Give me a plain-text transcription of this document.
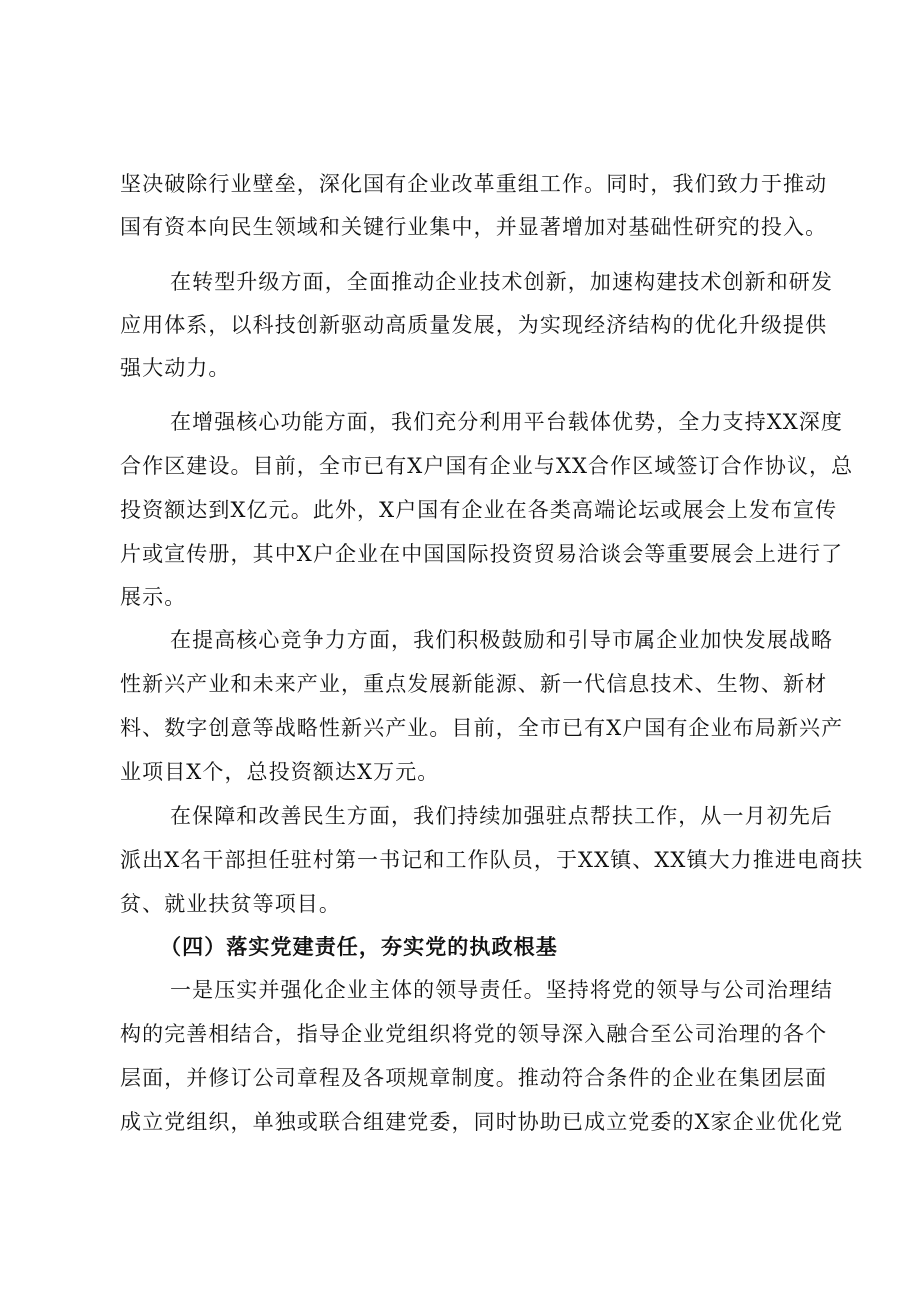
坚决破除行业壁垒，深化国有企业改革重组工作。同时，我们致力于推动
国有资本向民生领域和关键行业集中，并显著增加对基础性研究的投入。
在转型升级方面，全面推动企业技术创新，加速构建技术创新和研发
应用体系，以科技创新驱动高质量发展，为实现经济结构的优化升级提供
强大动力。
在增强核心功能方面，我们充分利用平台载体优势，全力支持XX深度
合作区建设。目前，全市已有X户国有企业与XX合作区域签订合作协议，总
投资额达到X亿元。此外，X户国有企业在各类高端论坛或展会上发布宣传
片或宣传册，其中X户企业在中国国际投资贸易洽谈会等重要展会上进行了
展示。
在提高核心竞争力方面，我们积极鼓励和引导市属企业加快发展战略
性新兴产业和未来产业，重点发展新能源、新一代信息技术、生物、新材
料、数字创意等战略性新兴产业。目前，全市已有X户国有企业布局新兴产
业项目X个，总投资额达X万元。
在保障和改善民生方面，我们持续加强驻点帮扶工作，从一月初先后
派出X名干部担任驻村第一书记和工作队员，于XX镇、XX镇大力推进电商扶
贫、就业扶贫等项目。
（四）落实党建责任，夯实党的执政根基
一是压实并强化企业主体的领导责任。坚持将党的领导与公司治理结
构的完善相结合，指导企业党组织将党的领导深入融合至公司治理的各个
层面，并修订公司章程及各项规章制度。推动符合条件的企业在集团层面
成立党组织，单独或联合组建党委，同时协助已成立党委的X家企业优化党
